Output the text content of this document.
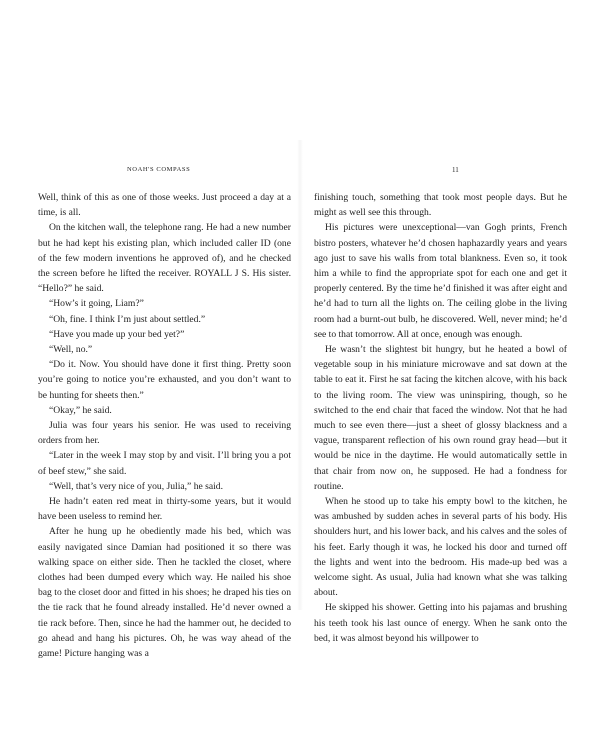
NOAH'S COMPASS	11

Well, think of this as one of those weeks. Just proceed a day at a time, is all.

On the kitchen wall, the telephone rang. He had a new number but he had kept his existing plan, which included caller ID (one of the few modern inventions he approved of), and he checked the screen before he lifted the receiver. ROYALL J S. His sister. “Hello?” he said.

“How’s it going, Liam?”

“Oh, fine. I think I’m just about settled.”

“Have you made up your bed yet?”

“Well, no.”

“Do it. Now. You should have done it first thing. Pretty soon you’re going to notice you’re exhausted, and you don’t want to be hunting for sheets then.”

“Okay,” he said.

Julia was four years his senior. He was used to receiving orders from her.

“Later in the week I may stop by and visit. I’ll bring you a pot of beef stew,” she said.

“Well, that’s very nice of you, Julia,” he said.

He hadn’t eaten red meat in thirty-some years, but it would have been useless to remind her.

After he hung up he obediently made his bed, which was easily navigated since Damian had positioned it so there was walking space on either side. Then he tackled the closet, where clothes had been dumped every which way. He nailed his shoe bag to the closet door and fitted in his shoes; he draped his ties on the tie rack that he found already installed. He’d never owned a tie rack before. Then, since he had the hammer out, he decided to go ahead and hang his pictures. Oh, he was way ahead of the game! Picture hanging was a

finishing touch, something that took most people days. But he might as well see this through.

His pictures were unexceptional—van Gogh prints, French bistro posters, whatever he’d chosen haphazardly years and years ago just to save his walls from total blankness. Even so, it took him a while to find the appropriate spot for each one and get it properly centered. By the time he’d finished it was after eight and he’d had to turn all the lights on. The ceiling globe in the living room had a burnt-out bulb, he discovered. Well, never mind; he’d see to that tomorrow. All at once, enough was enough.

He wasn’t the slightest bit hungry, but he heated a bowl of vegetable soup in his miniature microwave and sat down at the table to eat it. First he sat facing the kitchen alcove, with his back to the living room. The view was uninspiring, though, so he switched to the end chair that faced the window. Not that he had much to see even there—just a sheet of glossy blackness and a vague, transparent reflection of his own round gray head—but it would be nice in the daytime. He would automatically settle in that chair from now on, he supposed. He had a fondness for routine.

When he stood up to take his empty bowl to the kitchen, he was ambushed by sudden aches in several parts of his body. His shoulders hurt, and his lower back, and his calves and the soles of his feet. Early though it was, he locked his door and turned off the lights and went into the bedroom. His made-up bed was a welcome sight. As usual, Julia had known what she was talking about.

He skipped his shower. Getting into his pajamas and brushing his teeth took his last ounce of energy. When he sank onto the bed, it was almost beyond his willpower to
